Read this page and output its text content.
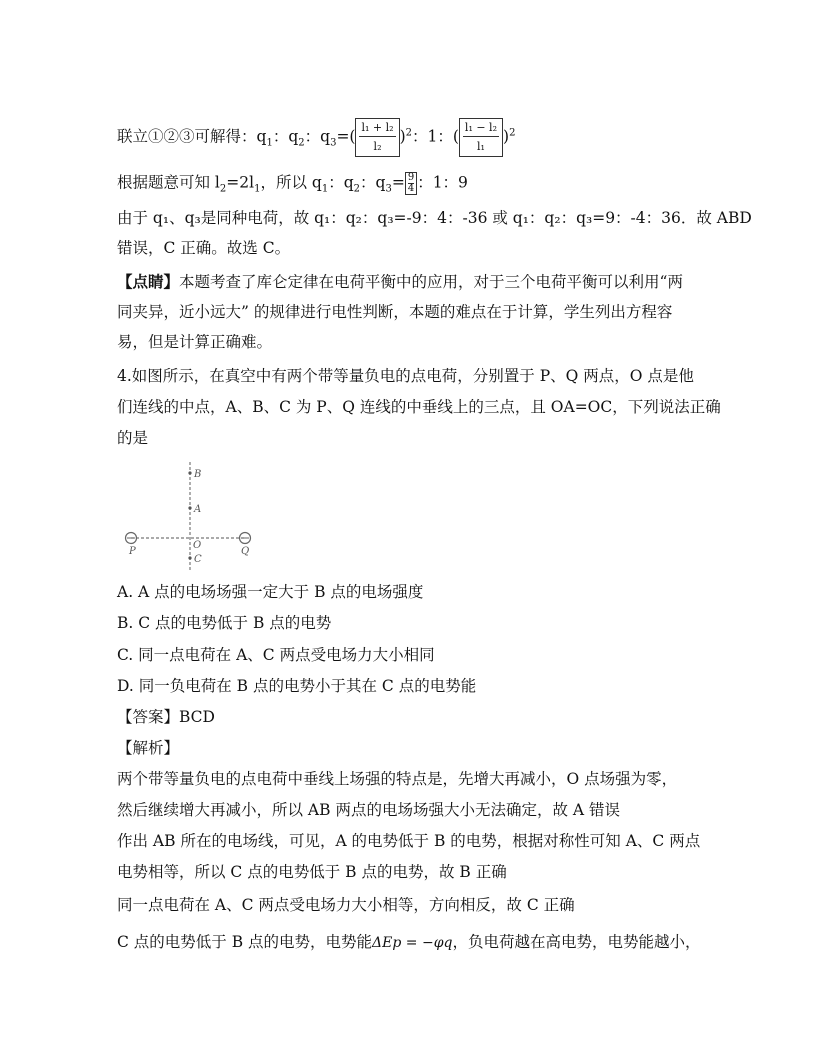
联立①②③可解得：$q_1$：$q_2$：$q_3=( \frac{\text{l₁ + l₂}}{\text{l₂}} )^2$：1：( $\frac{\text{l₁ − l₂}}{\text{l₁}} )^2$
根据题意可知 $l_2=2l_1$，所以 $q_1$：$q_2$：$q_3= \frac{9}{4}$：1：9
由于 q₁、q₃是同种电荷，故 q₁：q₂：q₃=-9：4：-36 或 q₁：q₂：q₃=9：-4：36．故 ABD
错误，C 正确。故选 C。
【点睛】本题考查了库仑定律在电荷平衡中的应用，对于三个电荷平衡可以利用“两
同夹异，近小远大” 的规律进行电性判断，本题的难点在于计算，学生列出方程容
易，但是计算正确难。
4.如图所示，在真空中有两个带等量负电的点电荷，分别置于 P、Q 两点，O 点是他
们连线的中点，A、B、C 为 P、Q 连线的中垂线上的三点，且 OA=OC，下列说法正确
的是
B
A
O
C
P	Q
A. A 点的电场场强一定大于 B 点的电场强度
B. C 点的电势低于 B 点的电势
C. 同一点电荷在 A、C 两点受电场力大小相同
D. 同一负电荷在 B 点的电势小于其在 C 点的电势能
【答案】BCD
【解析】
两个带等量负电的点电荷中垂线上场强的特点是，先增大再减小，O 点场强为零，
然后继续增大再减小，所以 AB 两点的电场场强大小无法确定，故 A 错误
作出 AB 所在的电场线，可见，A 的电势低于 B 的电势，根据对称性可知 A、C 两点
电势相等，所以 C 点的电势低于 B 点的电势，故 B 正确
同一点电荷在 A、C 两点受电场力大小相等，方向相反，故 C 正确
C 点的电势低于 B 点的电势，电势能ΔEp = −φq，负电荷越在高电势，电势能越小，
